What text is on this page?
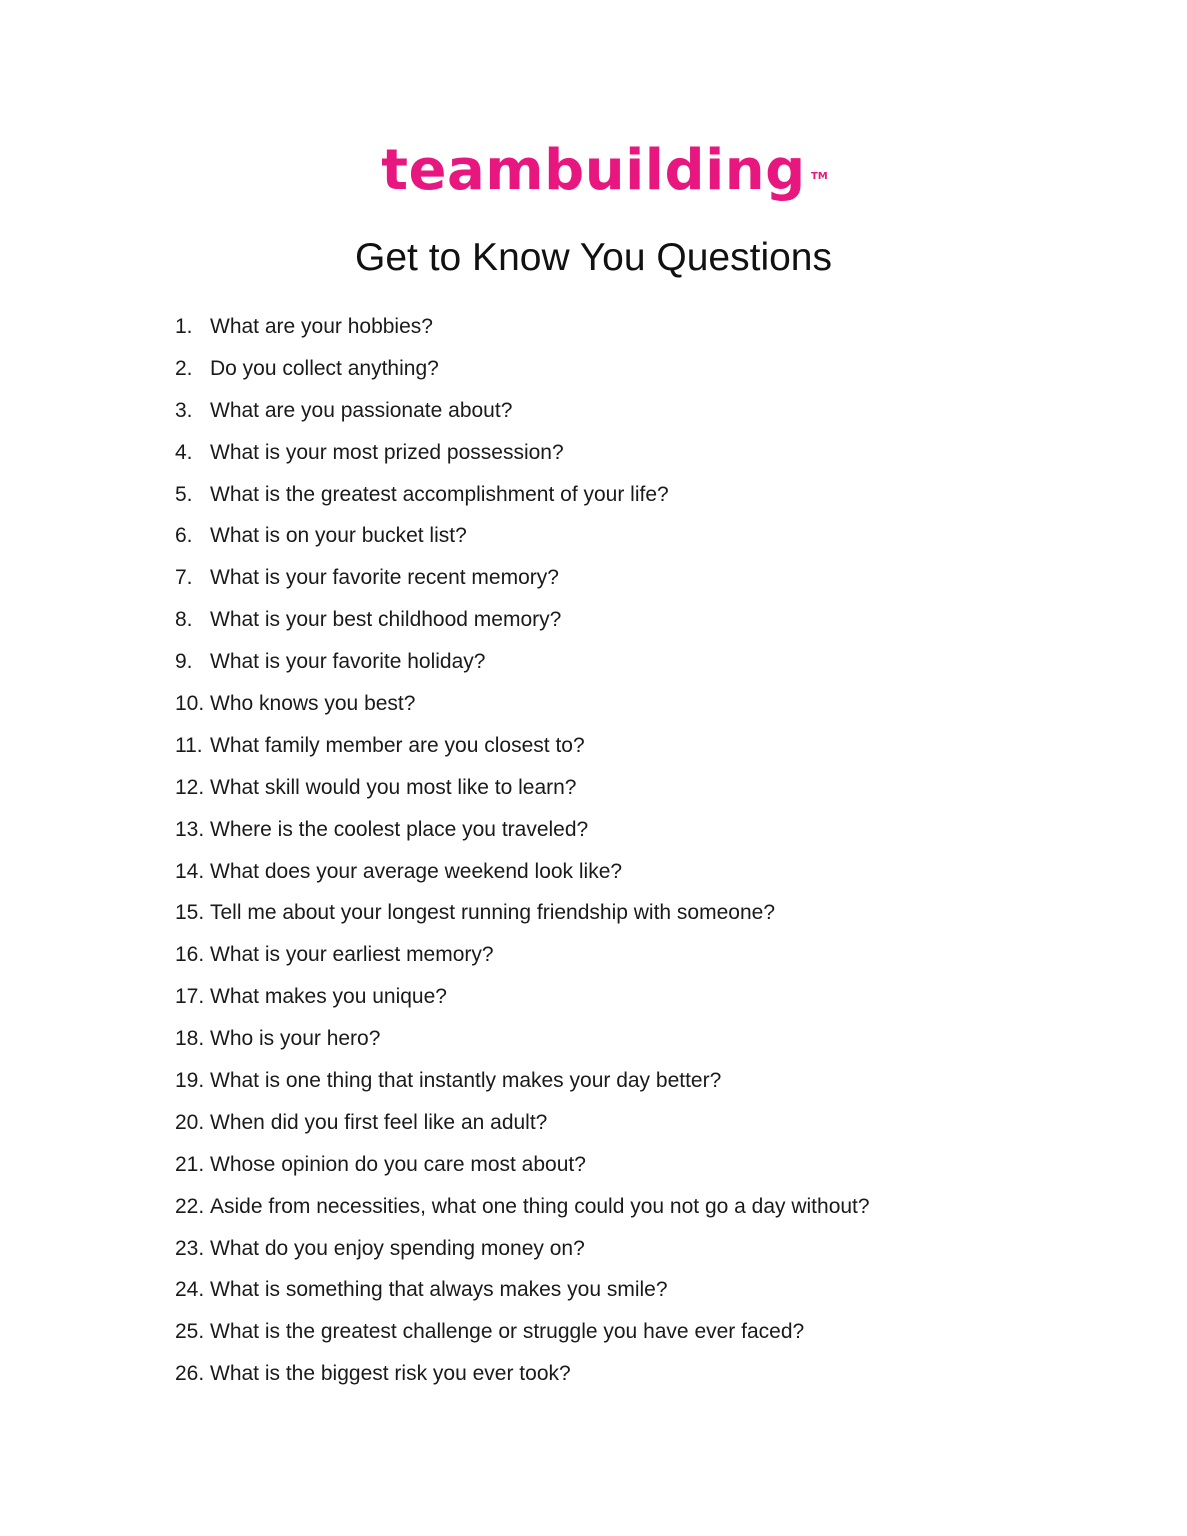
teambuilding TM
Get to Know You Questions
1. What are your hobbies?
2. Do you collect anything?
3. What are you passionate about?
4. What is your most prized possession?
5. What is the greatest accomplishment of your life?
6. What is on your bucket list?
7. What is your favorite recent memory?
8. What is your best childhood memory?
9. What is your favorite holiday?
10. Who knows you best?
11. What family member are you closest to?
12. What skill would you most like to learn?
13. Where is the coolest place you traveled?
14. What does your average weekend look like?
15. Tell me about your longest running friendship with someone?
16. What is your earliest memory?
17. What makes you unique?
18. Who is your hero?
19. What is one thing that instantly makes your day better?
20. When did you first feel like an adult?
21. Whose opinion do you care most about?
22. Aside from necessities, what one thing could you not go a day without?
23. What do you enjoy spending money on?
24. What is something that always makes you smile?
25. What is the greatest challenge or struggle you have ever faced?
26. What is the biggest risk you ever took?
